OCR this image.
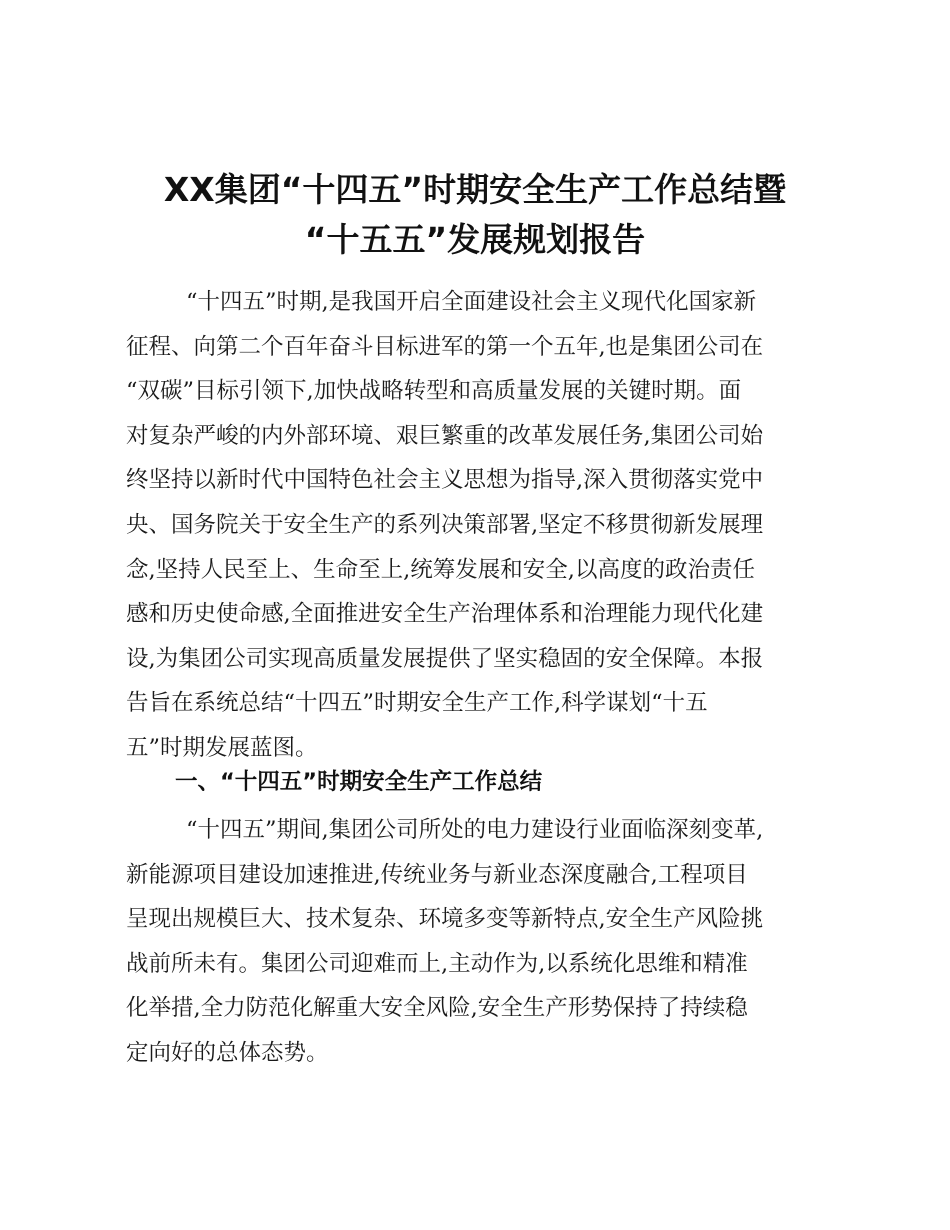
XX集团“十四五”时期安全生产工作总结暨
“十五五”发展规划报告
“十四五”时期,是我国开启全面建设社会主义现代化国家新
征程、向第二个百年奋斗目标进军的第一个五年,也是集团公司在
“双碳”目标引领下,加快战略转型和高质量发展的关键时期。面
对复杂严峻的内外部环境、艰巨繁重的改革发展任务,集团公司始
终坚持以新时代中国特色社会主义思想为指导,深入贯彻落实党中
央、国务院关于安全生产的系列决策部署,坚定不移贯彻新发展理
念,坚持人民至上、生命至上,统筹发展和安全,以高度的政治责任
感和历史使命感,全面推进安全生产治理体系和治理能力现代化建
设,为集团公司实现高质量发展提供了坚实稳固的安全保障。本报
告旨在系统总结“十四五”时期安全生产工作,科学谋划“十五
五”时期发展蓝图。
一、“十四五”时期安全生产工作总结
“十四五”期间,集团公司所处的电力建设行业面临深刻变革,
新能源项目建设加速推进,传统业务与新业态深度融合,工程项目
呈现出规模巨大、技术复杂、环境多变等新特点,安全生产风险挑
战前所未有。集团公司迎难而上,主动作为,以系统化思维和精准
化举措,全力防范化解重大安全风险,安全生产形势保持了持续稳
定向好的总体态势。
